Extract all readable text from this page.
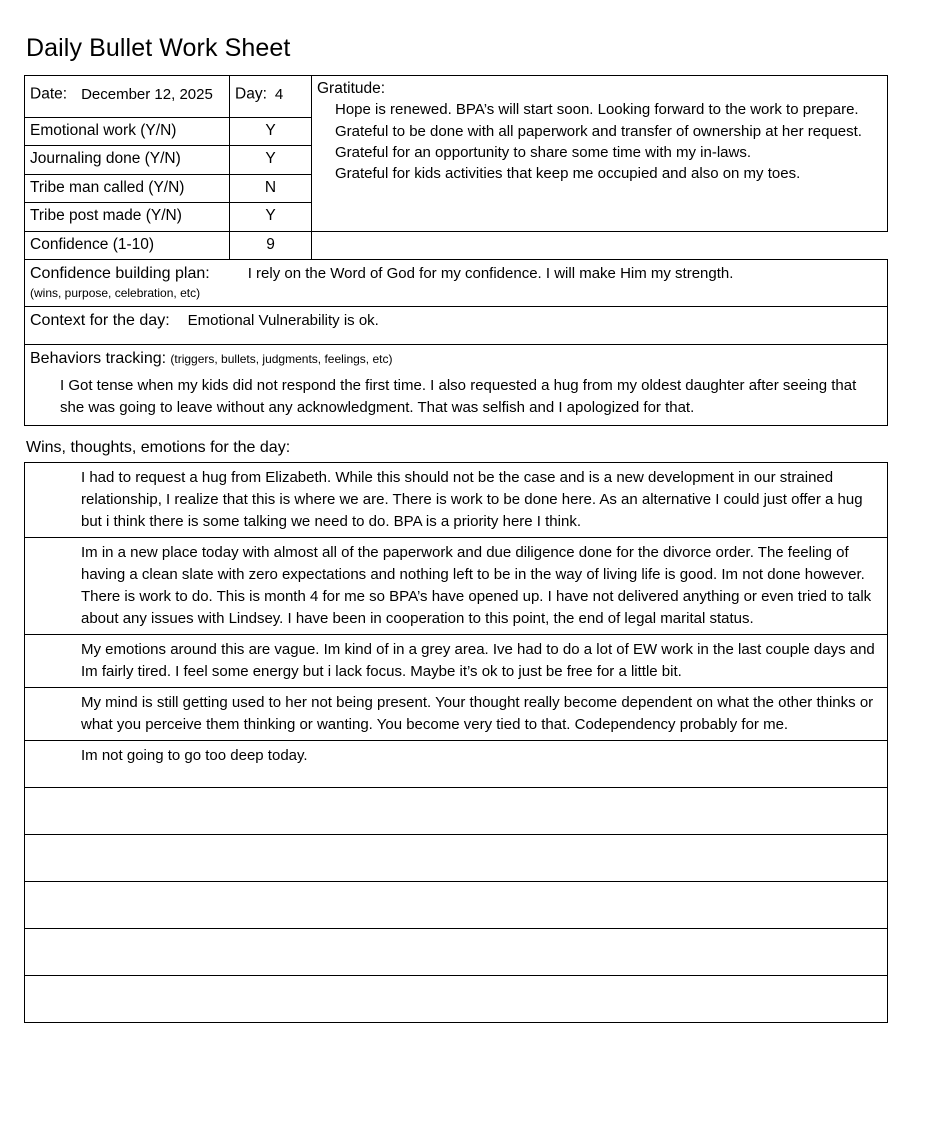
Daily Bullet Work Sheet
Date: December 12, 2025	Day: 4	Gratitude:

Hope is renewed. BPA’s will start soon. Looking forward to the work to prepare.

Grateful to be done with all paperwork and transfer of ownership at her request.

Grateful for an opportunity to share some time with my in-laws.

Grateful for kids activities that keep me occupied and also on my toes.

Emotional work (Y/N)	Y	
Journaling done (Y/N)	Y	
Tribe man called (Y/N)	N	
Tribe post made (Y/N)	Y	
Confidence (1-10)	9	
Confidence building plan: I rely on the Word of God for my confidence. I will make Him my strength.
(wins, purpose, celebration, etc)		

Context for the day: Emotional Vulnerability is ok.		
Behaviors tracking: (triggers, bullets, judgments, feelings, etc)
I Got tense when my kids did not respond the first time. I also requested a hug from my oldest daughter after seeing that she was going to leave without any acknowledgment. That was selfish and I apologized for that.		
Wins, thoughts, emotions for the day:
I had to request a hug from Elizabeth. While this should not be the case and is a new development in our strained relationship, I realize that this is where we are. There is work to be done here. As an alternative I could just offer a hug but i think there is some talking we need to do. BPA is a priority here I think.

Im in a new place today with almost all of the paperwork and due diligence done for the divorce order. The feeling of having a clean slate with zero expectations and nothing left to be in the way of living life is good. Im not done however. There is work to do. This is month 4 for me so BPA’s have opened up. I have not delivered anything or even tried to talk about any issues with Lindsey. I have been in cooperation to this point, the end of legal marital status.

My emotions around this are vague. Im kind of in a grey area. Ive had to do a lot of EW work in the last couple days and Im fairly tired. I feel some energy but i lack focus. Maybe it’s ok to just be free for a little bit.

My mind is still getting used to her not being present. Your thought really become dependent on what the other thinks or what you perceive them thinking or wanting. You become very tied to that. Codependency probably for me.

Im not going to go too deep today.
